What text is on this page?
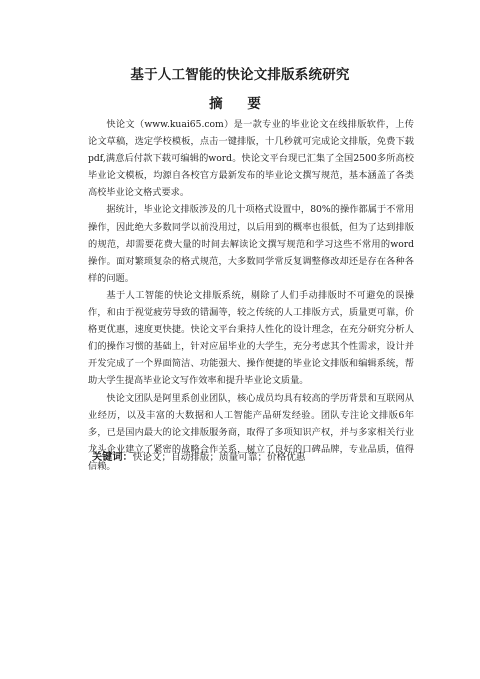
基于人工智能的快论文排版系统研究
摘 要

快论文（www.kuai65.com）是一款专业的毕业论文在线排版软件，上传论文草稿，选定学校模板，点击一键排版，十几秒就可完成论文排版，免费下载pdf,满意后付款下载可编辑的word。快论文平台现已汇集了全国2500多所高校毕业论文模板，均源自各校官方最新发布的毕业论文撰写规范，基本涵盖了各类高校毕业论文格式要求。

据统计，毕业论文排版涉及的几十项格式设置中，80%的操作都属于不常用操作，因此绝大多数同学以前没用过，以后用到的概率也很低，但为了达到排版的规范，却需要花费大量的时间去解读论文撰写规范和学习这些不常用的word操作。面对繁琐复杂的格式规范，大多数同学常反复调整修改却还是存在各种各样的问题。

基于人工智能的快论文排版系统，剔除了人们手动排版时不可避免的误操作，和由于视觉疲劳导致的错漏等，较之传统的人工排版方式，质量更可靠，价格更优惠，速度更快捷。快论文平台秉持人性化的设计理念，在充分研究分析人们的操作习惯的基础上，针对应届毕业的大学生，充分考虑其个性需求，设计并开发完成了一个界面简洁、功能强大、操作便捷的毕业论文排版和编辑系统，帮助大学生提高毕业论文写作效率和提升毕业论文质量。

快论文团队是阿里系创业团队，核心成员均具有较高的学历背景和互联网从业经历，以及丰富的大数据和人工智能产品研发经验。团队专注论文排版6年多，已是国内最大的论文排版服务商，取得了多项知识产权，并与多家相关行业龙头企业建立了紧密的战略合作关系，树立了良好的口碑品牌，专业品质，值得信赖。

关键词：快论文；自动排版；质量可靠；价格优惠
